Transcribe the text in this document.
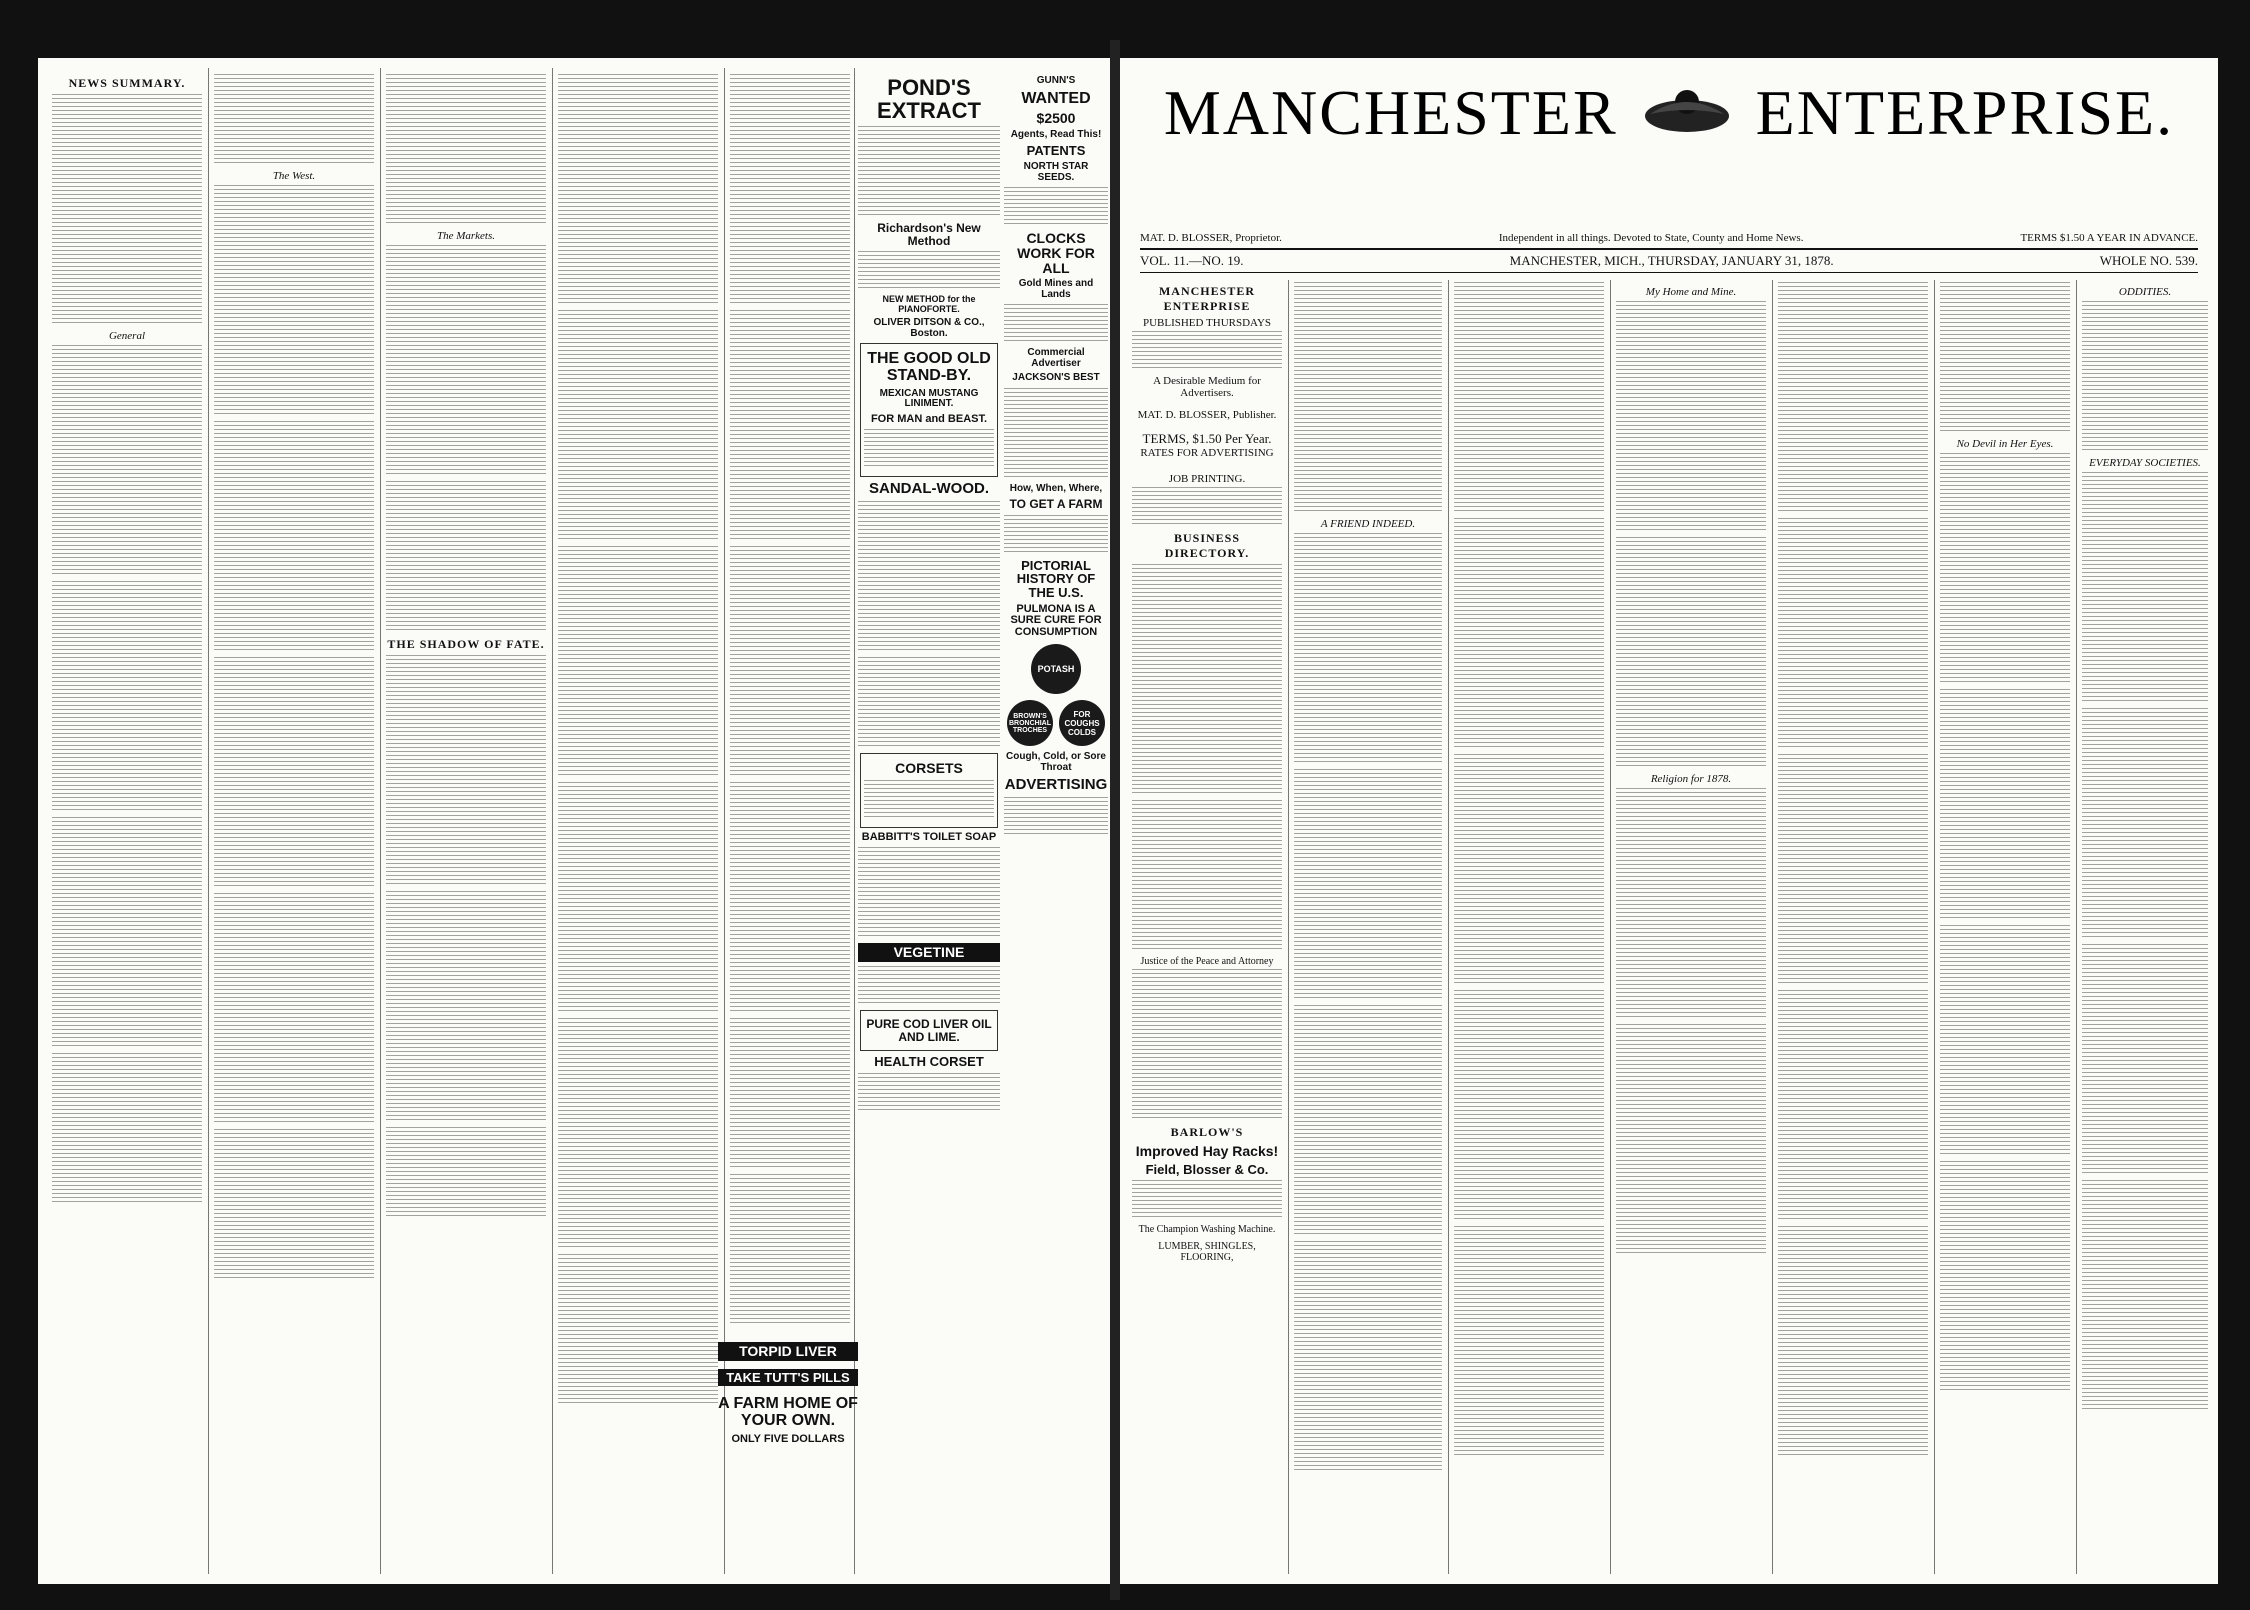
NEWS SUMMARY.
General
The West.
The Markets.
THE SHADOW OF FATE.
POND'S EXTRACT
Richardson's New Method
NEW METHOD for the PIANOFORTE.
OLIVER DITSON & CO., Boston.
THE GOOD OLD STAND-BY.
MEXICAN MUSTANG LINIMENT.
FOR MAN and BEAST.
SANDAL-WOOD.
CORSETS
BABBITT'S TOILET SOAP
VEGETINE
PURE COD LIVER OIL AND LIME.
HEALTH CORSET
GUNN'S
WANTED
$2500
Agents, Read This!
PATENTS
NORTH STAR SEEDS.
CLOCKS WORK FOR ALL
Gold Mines and Lands
Commercial Advertiser
JACKSON'S BEST
How, When, Where,
TO GET A FARM
PICTORIAL HISTORY OF THE U.S.
PULMONA IS A SURE CURE FOR CONSUMPTION
POTASH
BROWN'S BRONCHIAL TROCHES
FOR COUGHS COLDS
Cough, Cold, or Sore Throat
ADVERTISING
TORPID LIVER
TAKE TUTT'S PILLS
A FARM HOME OF YOUR OWN.
ONLY FIVE DOLLARS
MANCHESTER ENTERPRISE.
MAT. D. BLOSSER, Proprietor.	Independent in all things. Devoted to State, County and Home News.	TERMS $1.50 A YEAR IN ADVANCE.
VOL. 11.—NO. 19.	MANCHESTER, MICH., THURSDAY, JANUARY 31, 1878.	WHOLE NO. 539.
MANCHESTER ENTERPRISE
PUBLISHED THURSDAYS
A Desirable Medium for Advertisers.
MAT. D. BLOSSER, Publisher.
TERMS, $1.50 Per Year.
RATES FOR ADVERTISING
JOB PRINTING.
BUSINESS DIRECTORY.
Justice of the Peace and Attorney
BARLOW'S
Improved Hay Racks!
Field, Blosser & Co.
The Champion Washing Machine.
LUMBER, SHINGLES, FLOORING,
A FRIEND INDEED.
My Home and Mine.
Religion for 1878.
No Devil in Her Eyes.
ODDITIES.
EVERYDAY SOCIETIES.
